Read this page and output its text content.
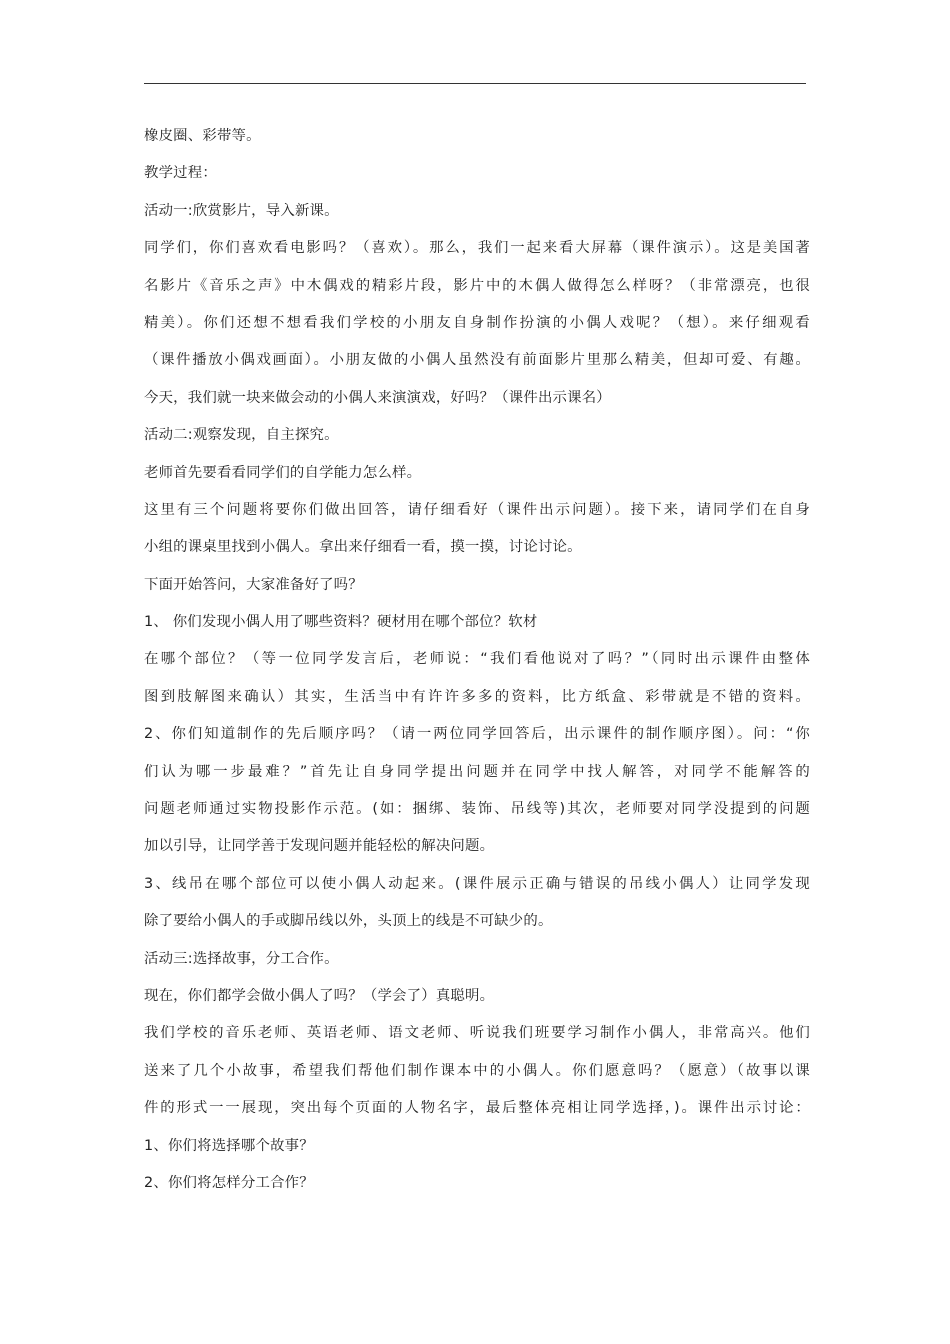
橡皮圈、彩带等。
教学过程：
活动一:欣赏影片，导入新课。
同学们，你们喜欢看电影吗？（喜欢）。那么，我们一起来看大屏幕（课件演示）。这是美国著
名影片《音乐之声》中木偶戏的精彩片段，影片中的木偶人做得怎么样呀？（非常漂亮，也很
精美）。你们还想不想看我们学校的小朋友自身制作扮演的小偶人戏呢？（想）。来仔细观看
（课件播放小偶戏画面）。小朋友做的小偶人虽然没有前面影片里那么精美，但却可爱、有趣。
今天，我们就一块来做会动的小偶人来演演戏，好吗？（课件出示课名）
活动二:观察发现，自主探究。
老师首先要看看同学们的自学能力怎么样。
这里有三个问题将要你们做出回答，请仔细看好（课件出示问题）。接下来，请同学们在自身
小组的课桌里找到小偶人。拿出来仔细看一看，摸一摸，讨论讨论。
下面开始答问，大家准备好了吗？
1、 你们发现小偶人用了哪些资料？硬材用在哪个部位？软材
在哪个部位？（等一位同学发言后，老师说：“我们看他说对了吗？”（同时出示课件由整体
图到肢解图来确认）其实，生活当中有许许多多的资料，比方纸盒、彩带就是不错的资料。
2、你们知道制作的先后顺序吗？（请一两位同学回答后，出示课件的制作顺序图）。问：“你
们认为哪一步最难？”首先让自身同学提出问题并在同学中找人解答，对同学不能解答的
问题老师通过实物投影作示范。(如：捆绑、装饰、吊线等)其次，老师要对同学没提到的问题
加以引导，让同学善于发现问题并能轻松的解决问题。
3、线吊在哪个部位可以使小偶人动起来。(课件展示正确与错误的吊线小偶人）让同学发现
除了要给小偶人的手或脚吊线以外，头顶上的线是不可缺少的。
活动三:选择故事，分工合作。
现在，你们都学会做小偶人了吗？（学会了）真聪明。
我们学校的音乐老师、英语老师、语文老师、听说我们班要学习制作小偶人，非常高兴。他们
送来了几个小故事，希望我们帮他们制作课本中的小偶人。你们愿意吗？（愿意）（故事以课
件的形式一一展现，突出每个页面的人物名字，最后整体亮相让同学选择，)。课件出示讨论：
1、你们将选择哪个故事？
2、你们将怎样分工合作？
